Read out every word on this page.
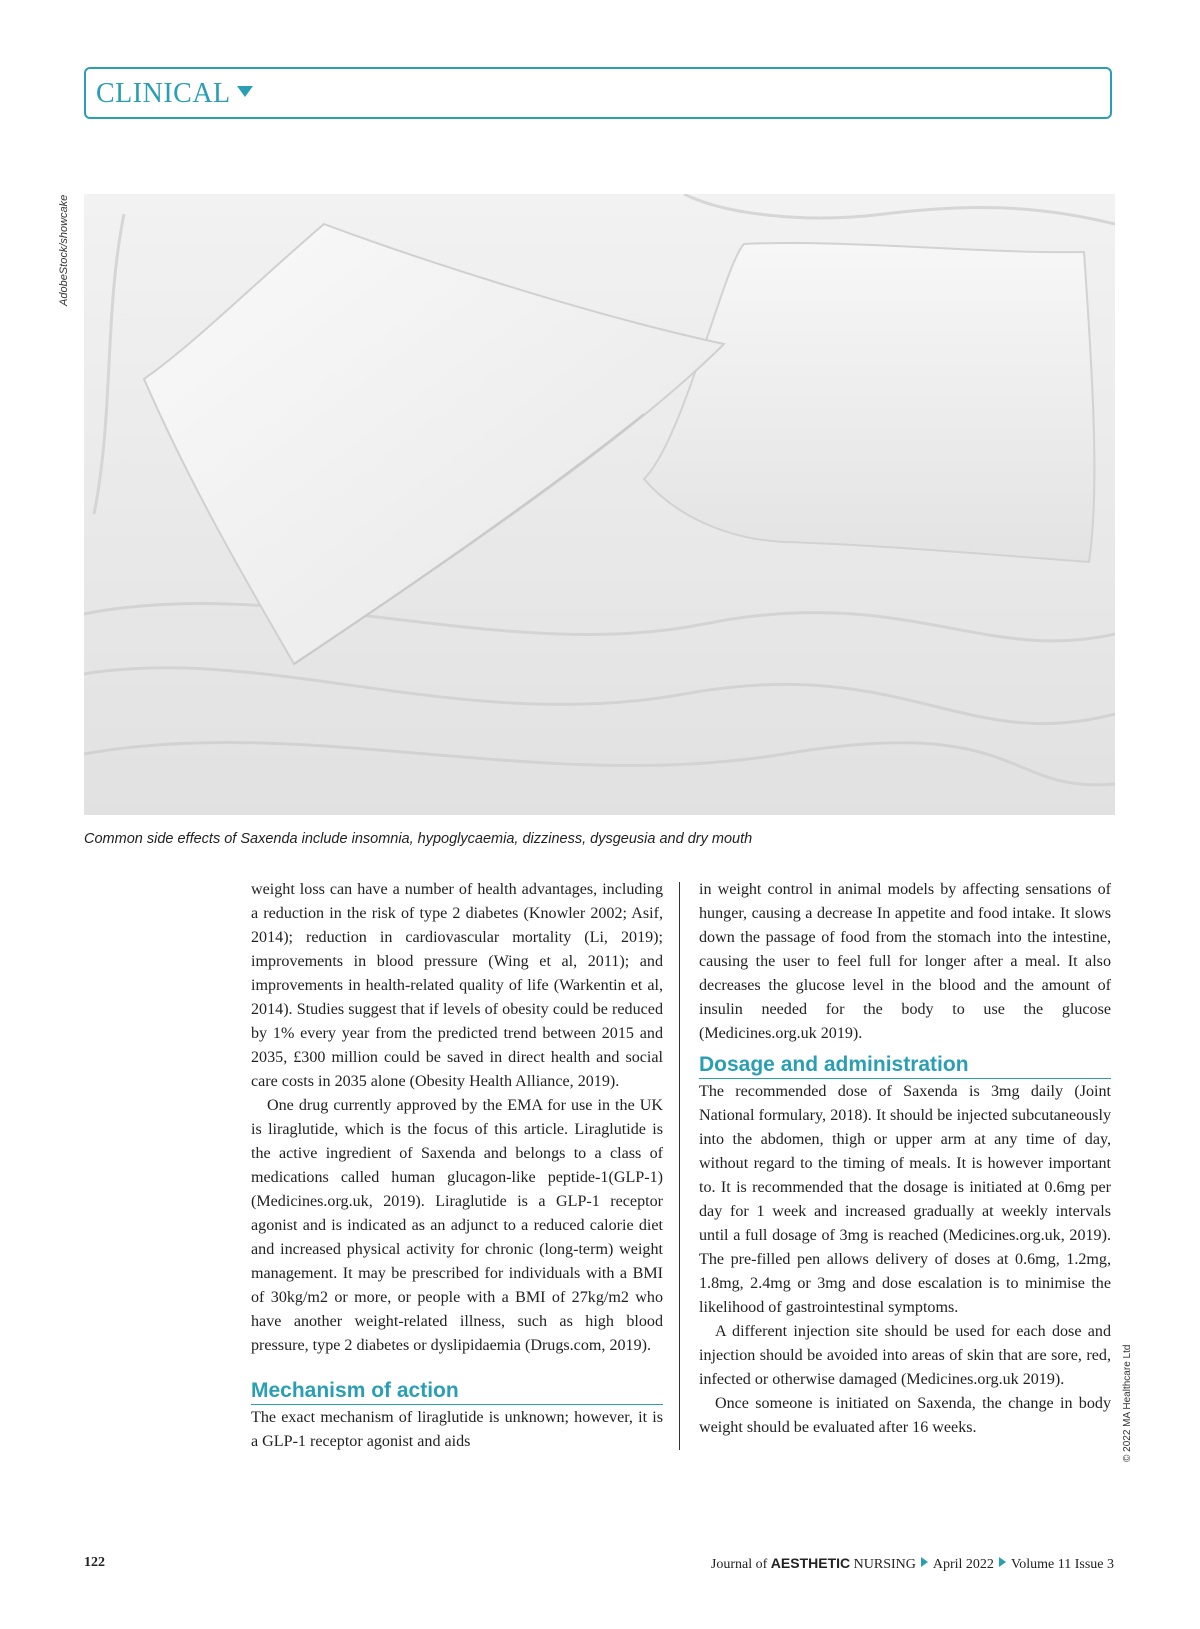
CLINICAL
AdobeStock/showcake
Common side effects of Saxenda include insomnia, hypoglycaemia, dizziness, dysgeusia and dry mouth

weight loss can have a number of health advantages, including a reduction in the risk of type 2 diabetes (Knowler 2002; Asif, 2014); reduction in cardiovascular mortality (Li, 2019); improvements in blood pressure (Wing et al, 2011); and improvements in health-related quality of life (Warkentin et al, 2014). Studies suggest that if levels of obesity could be reduced by 1% every year from the predicted trend between 2015 and 2035, £300 million could be saved in direct health and social care costs in 2035 alone (Obesity Health Alliance, 2019).

One drug currently approved by the EMA for use in the UK is liraglutide, which is the focus of this article. Liraglutide is the active ingredient of Saxenda and belongs to a class of medications called human glucagon-like peptide-1(GLP-1) (Medicines.org.uk, 2019). Liraglutide is a GLP-1 receptor agonist and is indicated as an adjunct to a reduced calorie diet and increased physical activity for chronic (long-term) weight management. It may be prescribed for individuals with a BMI of 30kg/m2 or more, or people with a BMI of 27kg/m2 who have another weight-related illness, such as high blood pressure, type 2 diabetes or dyslipidaemia (Drugs.com, 2019).

Mechanism of action

The exact mechanism of liraglutide is unknown; however, it is a GLP-1 receptor agonist and aids

in weight control in animal models by affecting sensations of hunger, causing a decrease In appetite and food intake. It slows down the passage of food from the stomach into the intestine, causing the user to feel full for longer after a meal. It also decreases the glucose level in the blood and the amount of insulin needed for the body to use the glucose (Medicines.org.uk 2019).

Dosage and administration

The recommended dose of Saxenda is 3mg daily (Joint National formulary, 2018). It should be injected subcutaneously into the abdomen, thigh or upper arm at any time of day, without regard to the timing of meals. It is however important to. It is recommended that the dosage is initiated at 0.6mg per day for 1 week and increased gradually at weekly intervals until a full dosage of 3mg is reached (Medicines.org.uk, 2019). The pre-filled pen allows delivery of doses at 0.6mg, 1.2mg, 1.8mg, 2.4mg or 3mg and dose escalation is to minimise the likelihood of gastrointestinal symptoms.

A different injection site should be used for each dose and injection should be avoided into areas of skin that are sore, red, infected or otherwise damaged (Medicines.org.uk 2019).

Once someone is initiated on Saxenda, the change in body weight should be evaluated after 16 weeks.	© 2022 MA Healthcare Ltd
122	Journal of AESTHETIC NURSING April 2022 Volume 11 Issue 3
